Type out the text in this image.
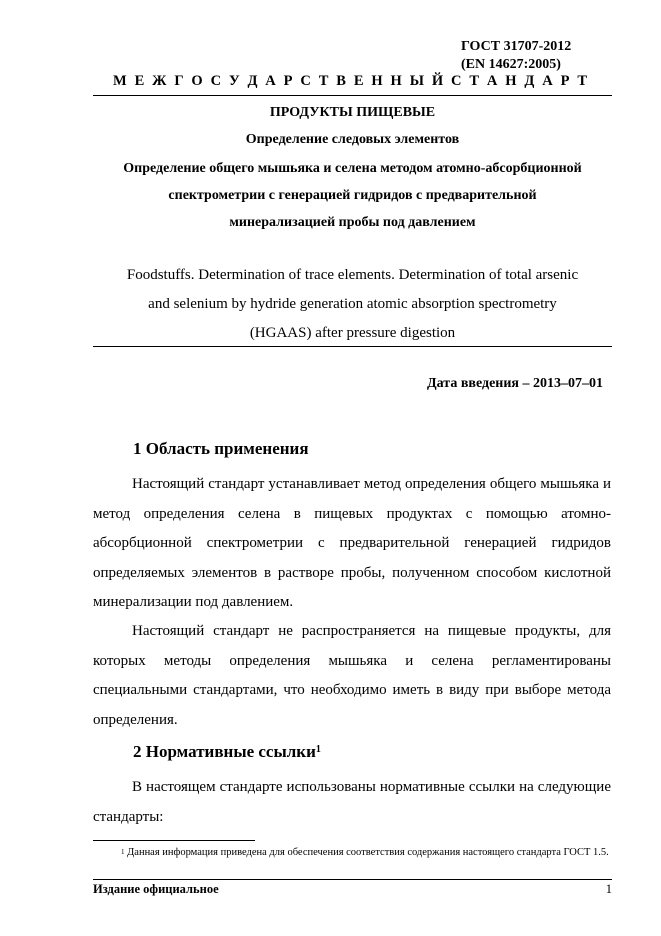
ГОСТ 31707-2012
(EN 14627:2005)
М Е Ж Г О С У Д А Р С Т В Е Н Н Ы Й С Т А Н Д А Р Т
ПРОДУКТЫ ПИЩЕВЫЕ
Определение следовых элементов
Определение общего мышьяка и селена методом атомно-абсорбционной
спектрометрии с генерацией гидридов с предварительной
минерализацией пробы под давлением
Foodstuffs. Determination of trace elements. Determination of total arsenic
and selenium by hydride generation atomic absorption spectrometry
(HGAAS) after pressure digestion
Дата введения – 2013–07–01
1 Область применения

Настоящий стандарт устанавливает метод определения общего мышьяка и метод определения селена в пищевых продуктах с помощью атомно-абсорбционной спектрометрии с предварительной генерацией гидридов определяемых элементов в растворе пробы, полученном способом кислотной минерализации под давлением.

Настоящий стандарт не распространяется на пищевые продукты, для которых методы определения мышьяка и селена регламентированы специальными стандартами, что необходимо иметь в виду при выборе метода определения.

2 Нормативные ссылки$^1$

В настоящем стандарте использованы нормативные ссылки на следующие стандарты:

$^1$ Данная информация приведена для обеспечения соответствия содержания настоящего стандарта ГОСТ 1.5.

Издание официальное	1
